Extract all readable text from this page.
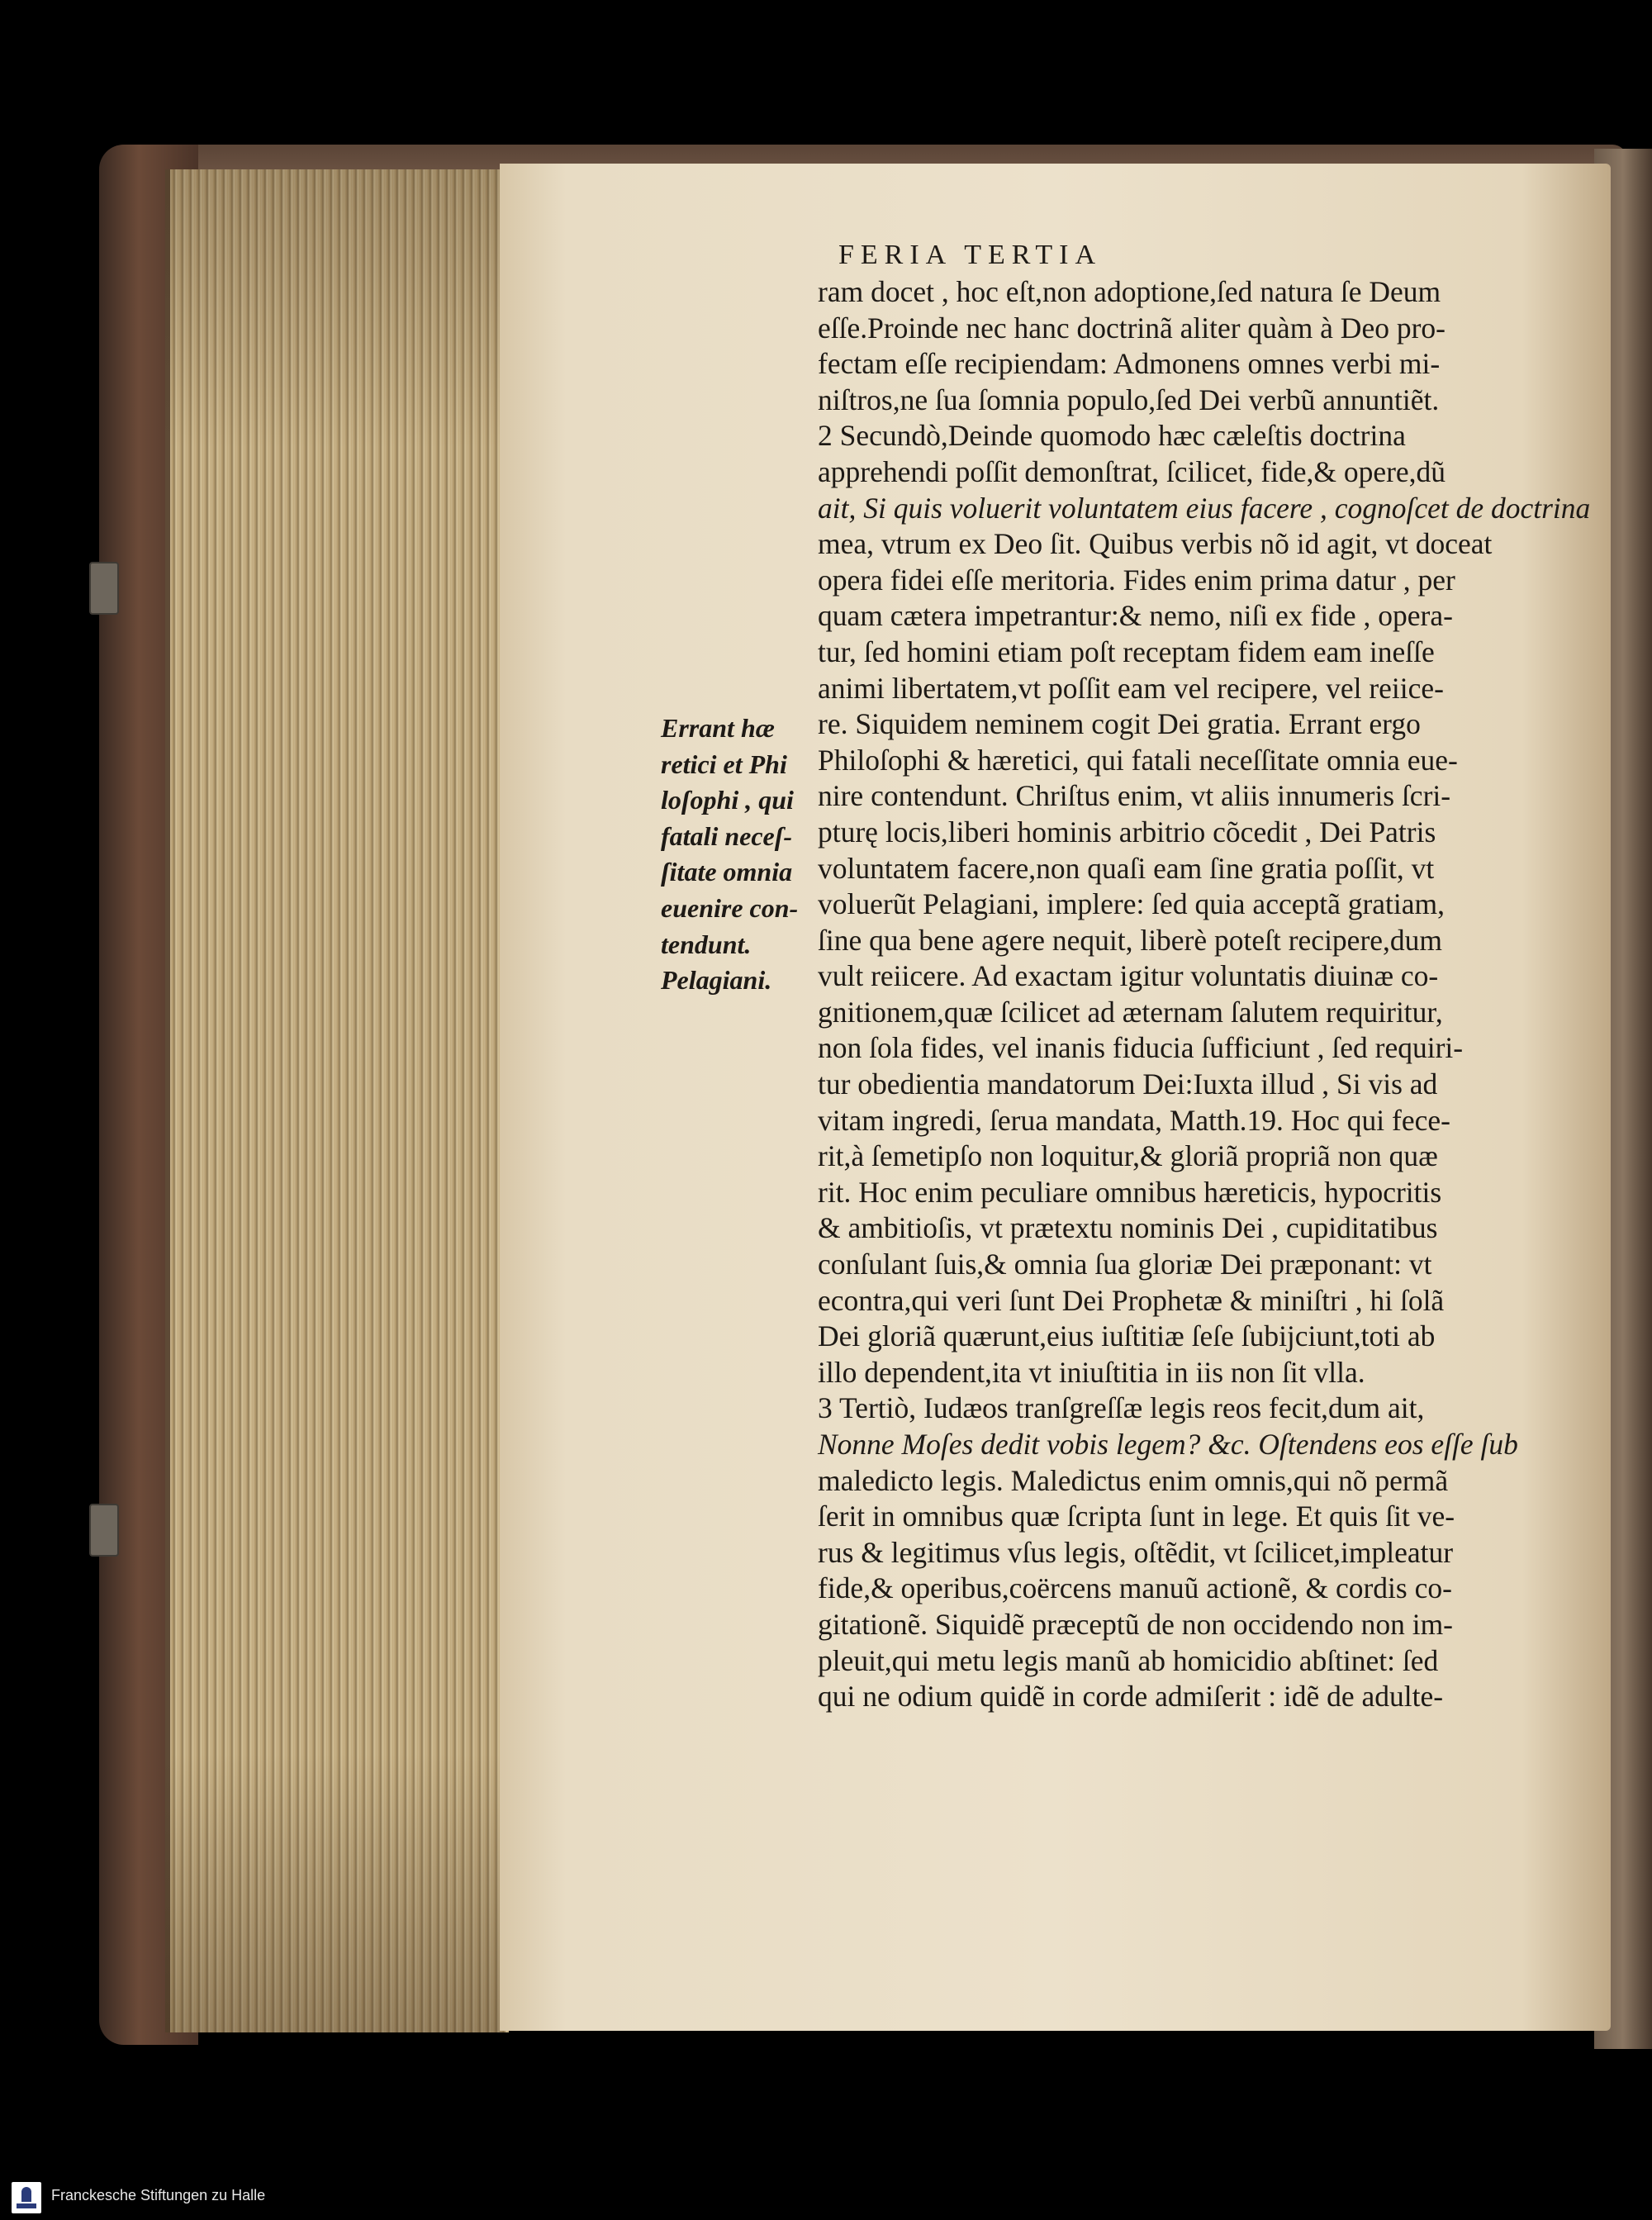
FERIA TERTIA
ram docet , hoc eſt,non adoptione,ſed natura ſe Deum
eſſe.Proinde nec hanc doctrinã aliter quàm à Deo pro-
fectam eſſe recipiendam: Admonens omnes verbi mi-
niſtros,ne ſua ſomnia populo,ſed Dei verbũ annuntiẽt.
2 Secundò,Deinde quomodo hæc cæleſtis doctrina
apprehendi poſſit demonſtrat, ſcilicet, fide,& opere,dũ
ait, Si quis voluerit voluntatem eius facere , cognoſcet de doctrina
mea, vtrum ex Deo ſit. Quibus verbis nõ id agit, vt doceat
opera fidei eſſe meritoria. Fides enim prima datur , per
quam cætera impetrantur:& nemo, niſi ex fide , opera-
tur, ſed homini etiam poſt receptam fidem eam ineſſe
animi libertatem,vt poſſit eam vel recipere, vel reiice-
re. Siquidem neminem cogit Dei gratia. Errant ergo
Philoſophi & hæretici, qui fatali neceſſitate omnia eue-
nire contendunt. Chriſtus enim, vt aliis innumeris ſcri-
pturę locis,liberi hominis arbitrio cõcedit , Dei Patris
voluntatem facere,non quaſi eam ſine gratia poſſit, vt
voluerũt Pelagiani, implere: ſed quia acceptã gratiam,
ſine qua bene agere nequit, liberè poteſt recipere,dum
vult reiicere. Ad exactam igitur voluntatis diuinæ co-
gnitionem,quæ ſcilicet ad æternam ſalutem requiritur,
non ſola fides, vel inanis fiducia ſufficiunt , ſed requiri-
tur obedientia mandatorum Dei:Iuxta illud , Si vis ad
vitam ingredi, ſerua mandata, Matth.19. Hoc qui fece-
rit,à ſemetipſo non loquitur,& gloriã propriã non quæ
rit. Hoc enim peculiare omnibus hæreticis, hypocritis
& ambitioſis, vt prætextu nominis Dei , cupiditatibus
conſulant ſuis,& omnia ſua gloriæ Dei præponant: vt
econtra,qui veri ſunt Dei Prophetæ & miniſtri , hi ſolã
Dei gloriã quærunt,eius iuſtitiæ ſeſe ſubijciunt,toti ab
illo dependent,ita vt iniuſtitia in iis non ſit vlla.
3 Tertiò, Iudæos tranſgreſſæ legis reos fecit,dum ait,
Nonne Moſes dedit vobis legem? &c. Oſtendens eos eſſe ſub
maledicto legis. Maledictus enim omnis,qui nõ permã
ſerit in omnibus quæ ſcripta ſunt in lege. Et quis ſit ve-
rus & legitimus vſus legis, oſtẽdit, vt ſcilicet,impleatur
fide,& operibus,coërcens manuũ actionẽ, & cordis co-
gitationẽ. Siquidẽ præceptũ de non occidendo non im-
pleuit,qui metu legis manũ ab homicidio abſtinet: ſed
qui ne odium quidẽ in corde admiſerit : idẽ de adulte-
Errant hæ
retici et Phi
loſophi , qui
fatali neceſ-
ſitate omnia
euenire con-
tendunt.
Pelagiani.
Franckesche Stiftungen zu Halle
